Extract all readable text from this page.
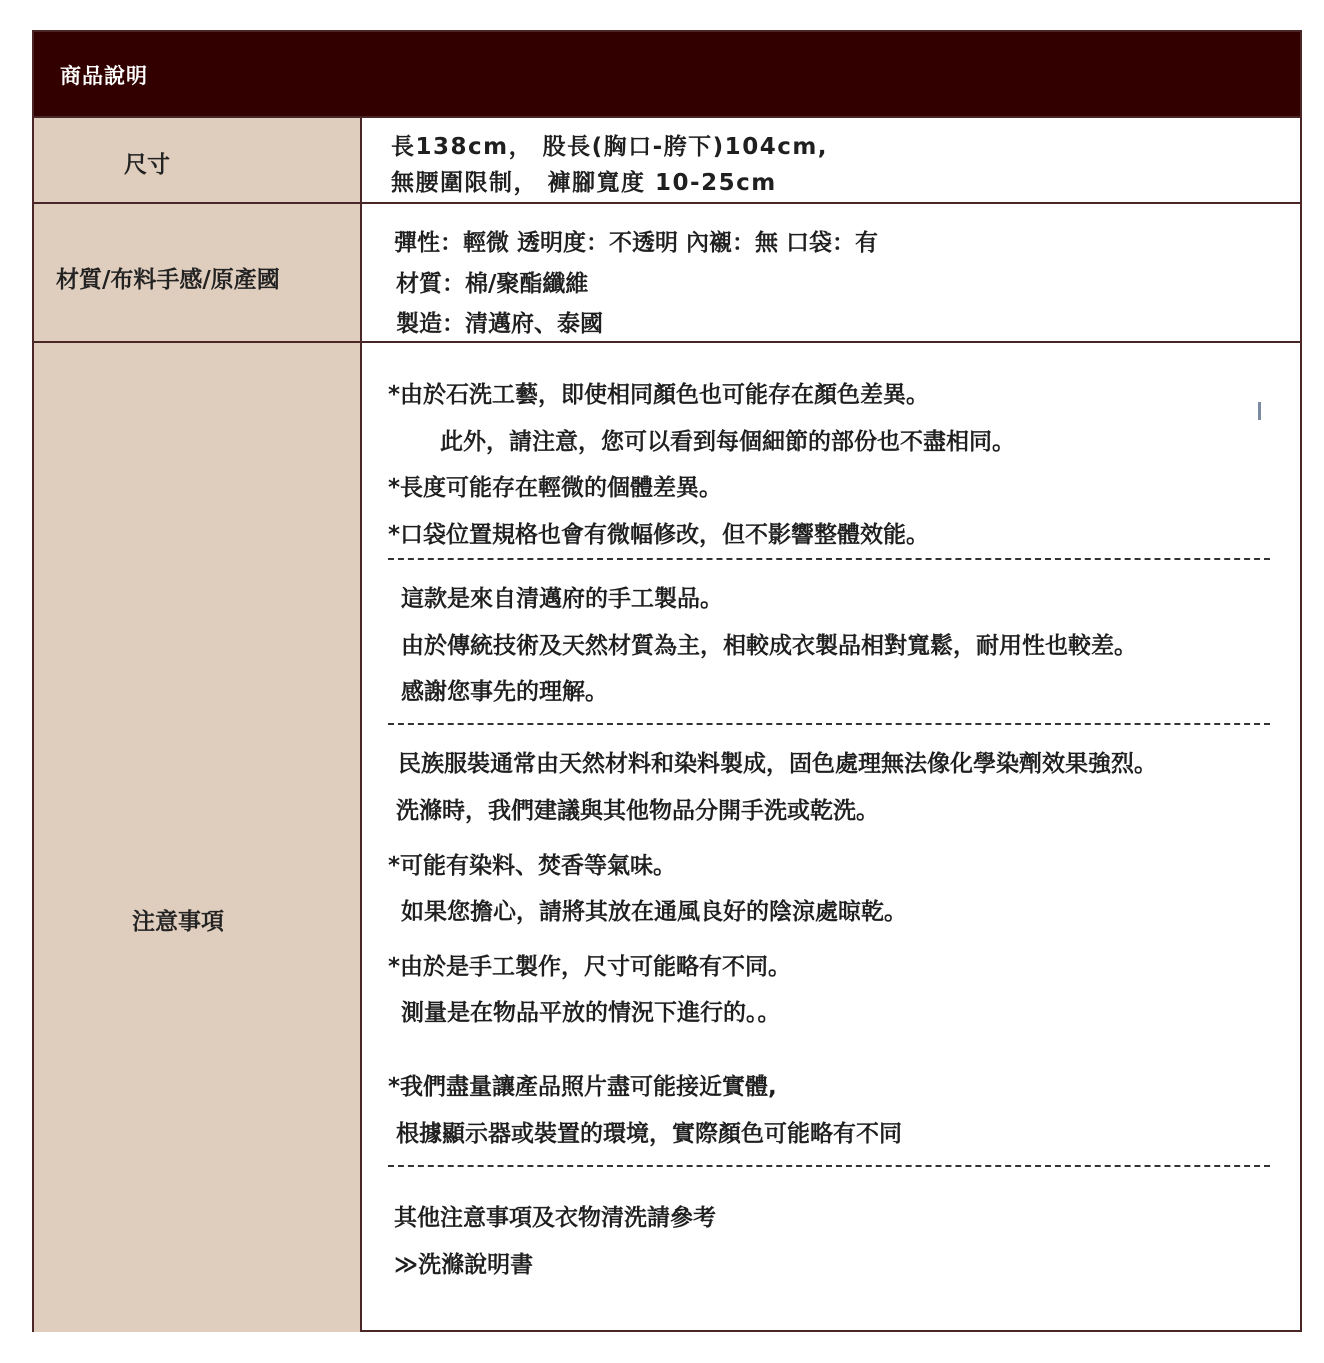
商品說明
尺寸
長138cm， 股長(胸口-胯下)104cm,
無腰圍限制， 褲腳寬度 10-25cm
材質/布料手感/原產國
彈性：輕微 透明度：不透明 內襯：無 口袋：有
材質：棉/聚酯纖維
製造：清邁府、泰國
注意事項
*由於石洗工藝，即使相同顏色也可能存在顏色差異。
此外，請注意，您可以看到每個細節的部份也不盡相同。
*長度可能存在輕微的個體差異。
*口袋位置規格也會有微幅修改，但不影響整體效能。
這款是來自清邁府的手工製品。
由於傳統技術及天然材質為主，相較成衣製品相對寬鬆，耐用性也較差。
感謝您事先的理解。
民族服裝通常由天然材料和染料製成，固色處理無法像化學染劑效果強烈。
洗滌時，我們建議與其他物品分開手洗或乾洗。
*可能有染料、焚香等氣味。
如果您擔心，請將其放在通風良好的陰涼處晾乾。
*由於是手工製作，尺寸可能略有不同。
測量是在物品平放的情況下進行的。。
*我們盡量讓產品照片盡可能接近實體,
根據顯示器或裝置的環境，實際顏色可能略有不同
其他注意事項及衣物清洗請參考
≫洗滌說明書
